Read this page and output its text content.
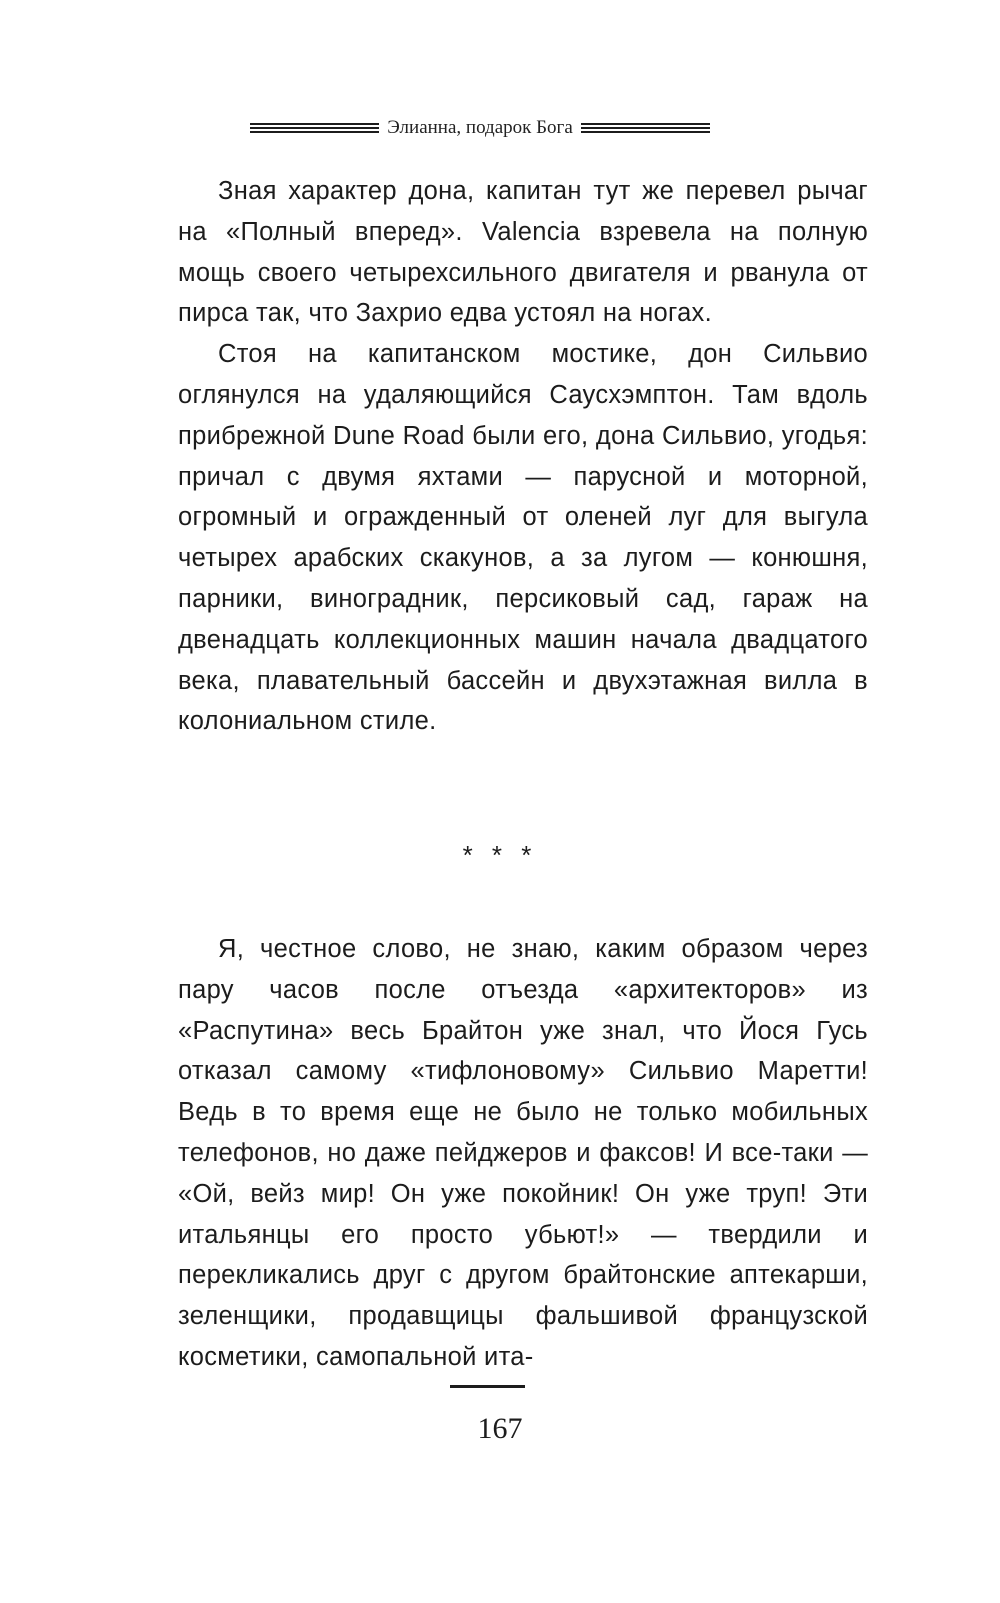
Элианна, подарок Бога

Зная характер дона, капитан тут же перевел рычаг на «Полный вперед». Valencia взревела на полную мощь своего четырехсильного двигателя и рванула от пирса так, что Захрио едва устоял на ногах.

Стоя на капитанском мостике, дон Сильвио оглянулся на удаляющийся Саусхэмптон. Там вдоль прибрежной Dune Road были его, дона Сильвио, угодья: причал с двумя яхтами — парусной и моторной, огромный и огражденный от оленей луг для выгула четырех арабских скакунов, а за лугом — конюшня, парники, виноградник, персиковый сад, гараж на двенадцать коллекционных машин начала двадцатого века, плавательный бассейн и двухэтажная вилла в колониальном стиле.

* * *

Я, честное слово, не знаю, каким образом через пару часов после отъезда «архитекторов» из «Распутина» весь Брайтон уже знал, что Йося Гусь отказал самому «тифлоновому» Сильвио Маретти! Ведь в то время еще не было не только мобильных телефонов, но даже пейджеров и факсов! И все-таки — «Ой, вейз мир! Он уже покойник! Он уже труп! Эти итальянцы его просто убьют!» — твердили и перекликались друг с другом брайтонские аптекарши, зеленщики, продавщицы фальшивой французской косметики, самопальной ита-

167
